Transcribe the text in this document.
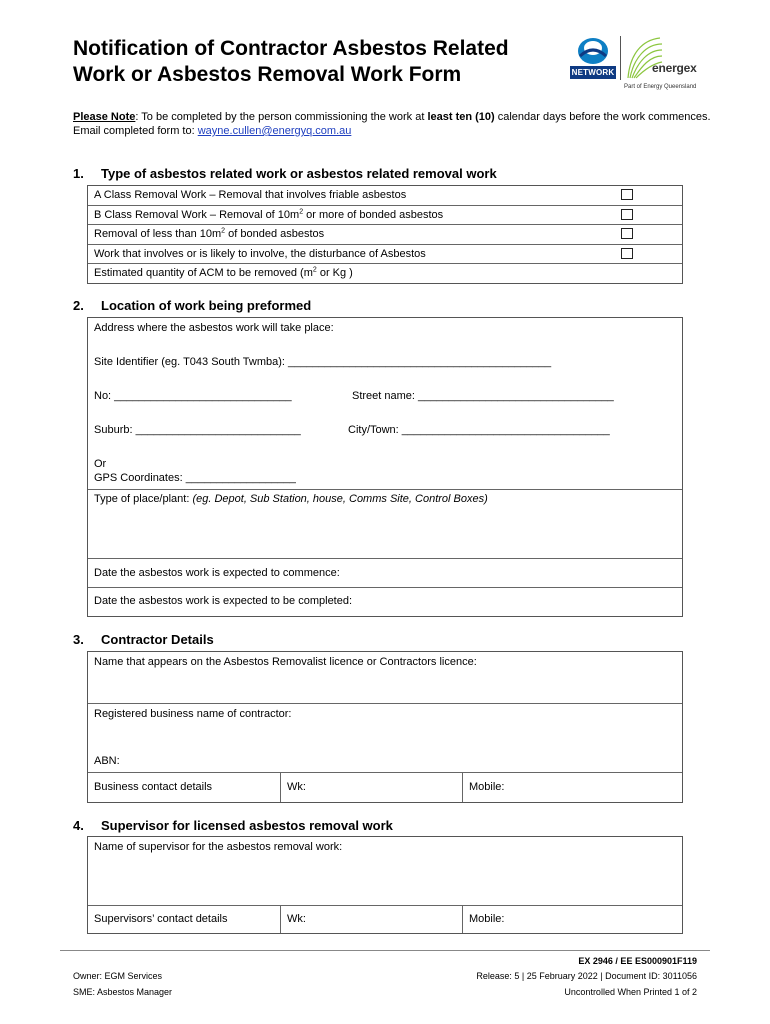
Notification of Contractor Asbestos Related
Work or Asbestos Removal Work Form	NETWORK	energex
Part of Energy Queensland
Please Note: To be completed by the person commissioning the work at least ten (10) calendar days before the work commences.
Email completed form to: wayne.cullen@energyq.com.au
1. Type of asbestos related work or asbestos related removal work
A Class Removal Work – Removal that involves friable asbestos
B Class Removal Work – Removal of $10m^2$ or more of bonded asbestos
Removal of less than $10m^2$ of bonded asbestos
Work that involves or is likely to involve, the disturbance of Asbestos
Estimated quantity of ACM to be removed ($m^2$ or Kg )
2. Location of work being preformed
Address where the asbestos work will take place:
Site Identifier (eg. T043 South Twmba): ___________________________________________
No: _____________________________	Street name: ________________________________
Suburb: ___________________________	City/Town: __________________________________
Or
GPS Coordinates: __________________
Type of place/plant: (eg. Depot, Sub Station, house, Comms Site, Control Boxes)
Date the asbestos work is expected to commence:
Date the asbestos work is expected to be completed:
3. Contractor Details
Name that appears on the Asbestos Removalist licence or Contractors licence:
Registered business name of contractor:
ABN:
Business contact details	Wk:	Mobile:
4. Supervisor for licensed asbestos removal work
Name of supervisor for the asbestos removal work:
Supervisors’ contact details	Wk:	Mobile:
EX 2946 / EE ES000901F119
Owner: EGM Services	Release: 5 | 25 February 2022 | Document ID: 3011056
SME: Asbestos Manager	Uncontrolled When Printed 1 of 2
